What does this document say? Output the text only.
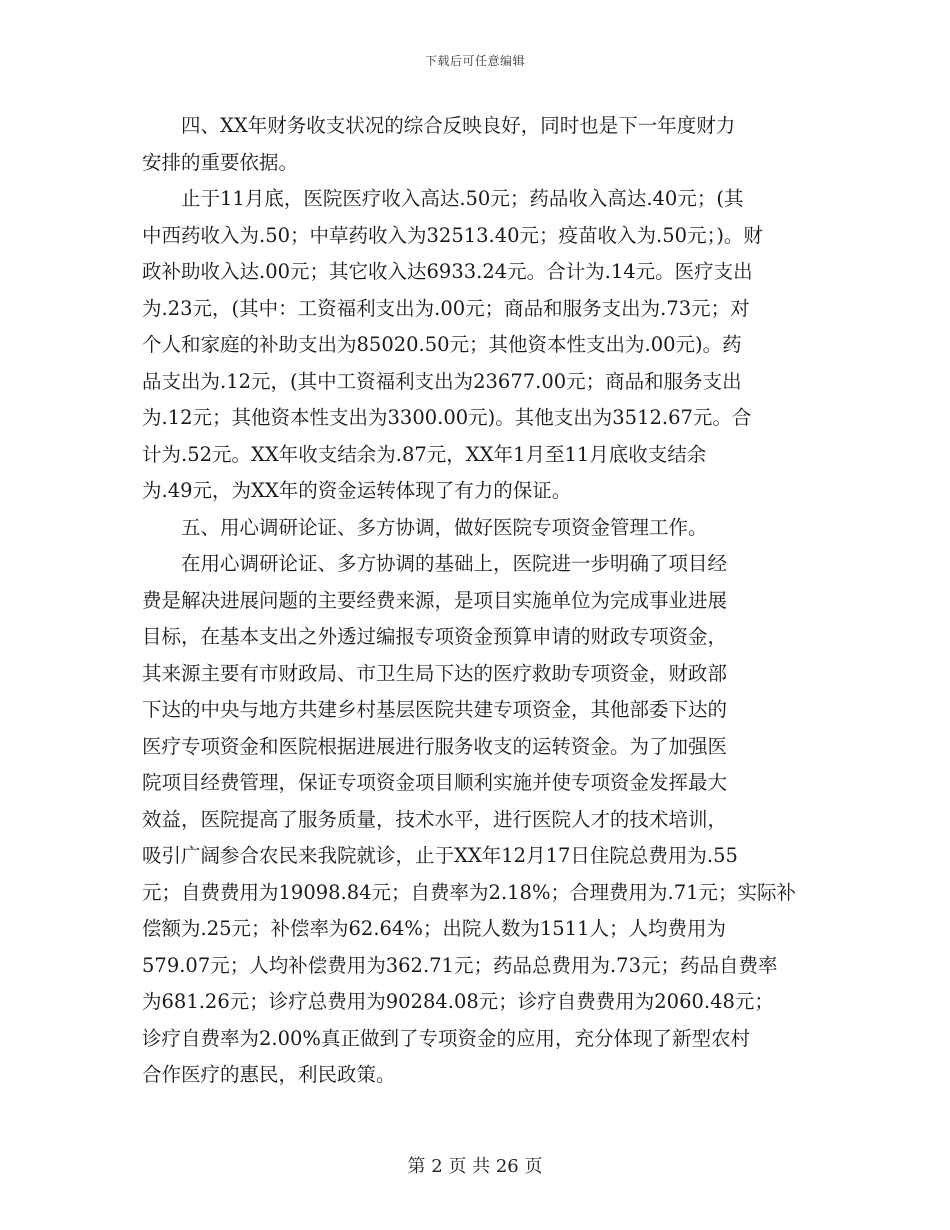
下载后可任意编辑
　　四、XX年财务收支状况的综合反映良好，同时也是下一年度财力
安排的重要依据。
　　止于11月底，医院医疗收入高达.50元；药品收入高达.40元；(其
中西药收入为.50；中草药收入为32513.40元；疫苗收入为.50元；)。财
政补助收入达.00元；其它收入达6933.24元。合计为.14元。医疗支出
为.23元，(其中：工资福利支出为.00元；商品和服务支出为.73元；对
个人和家庭的补助支出为85020.50元；其他资本性支出为.00元)。药
品支出为.12元，(其中工资福利支出为23677.00元；商品和服务支出
为.12元；其他资本性支出为3300.00元)。其他支出为3512.67元。合
计为.52元。XX年收支结余为.87元，XX年1月至11月底收支结余
为.49元，为XX年的资金运转体现了有力的保证。
　　五、用心调研论证、多方协调，做好医院专项资金管理工作。
　　在用心调研论证、多方协调的基础上，医院进一步明确了项目经
费是解决进展问题的主要经费来源，是项目实施单位为完成事业进展
目标，在基本支出之外透过编报专项资金预算申请的财政专项资金，
其来源主要有市财政局、市卫生局下达的医疗救助专项资金，财政部
下达的中央与地方共建乡村基层医院共建专项资金，其他部委下达的
医疗专项资金和医院根据进展进行服务收支的运转资金。为了加强医
院项目经费管理，保证专项资金项目顺利实施并使专项资金发挥最大
效益，医院提高了服务质量，技术水平，进行医院人才的技术培训，
吸引广阔参合农民来我院就诊，止于XX年12月17日住院总费用为.55
元；自费费用为19098.84元；自费率为2.18%；合理费用为.71元；实际补
偿额为.25元；补偿率为62.64%；出院人数为1511人；人均费用为
579.07元；人均补偿费用为362.71元；药品总费用为.73元；药品自费率
为681.26元；诊疗总费用为90284.08元；诊疗自费费用为2060.48元；
诊疗自费率为2.00%真正做到了专项资金的应用，充分体现了新型农村
合作医疗的惠民，利民政策。
第 2 页 共 26 页
